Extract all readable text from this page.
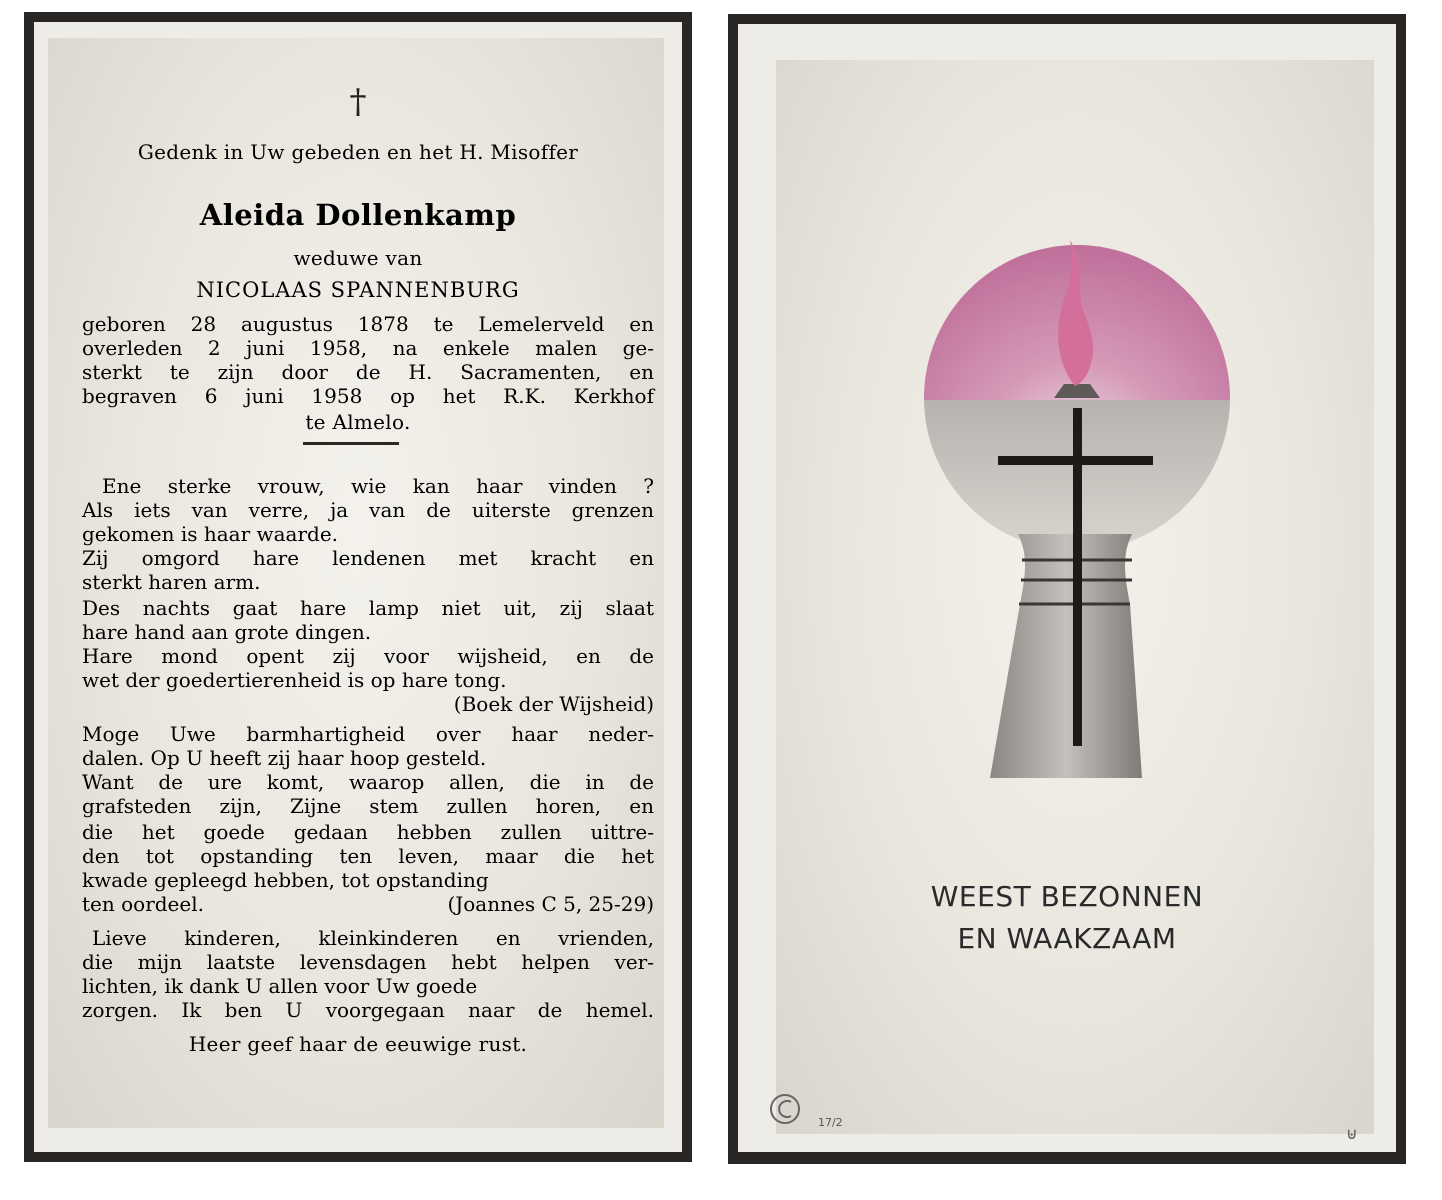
†
Gedenk in Uw gebeden en het H. Misoffer
Aleida Dollenkamp
weduwe van
NICOLAAS SPANNENBURG
geboren 28 augustus 1878 te Lemelerveld en
overleden 2 juni 1958, na enkele malen ge-
sterkt te zijn door de H. Sacramenten, en
begraven 6 juni 1958 op het R.K. Kerkhof
te Almelo.
Ene sterke vrouw, wie kan haar vinden ?
Als iets van verre, ja van de uiterste grenzen
gekomen is haar waarde.
Zij omgord hare lendenen met kracht en
sterkt haren arm.
Des nachts gaat hare lamp niet uit, zij slaat
hare hand aan grote dingen.
Hare mond opent zij voor wijsheid, en de
wet der goedertierenheid is op hare tong.
(Boek der Wijsheid)
Moge Uwe barmhartigheid over haar neder-
dalen. Op U heeft zij haar hoop gesteld.
Want de ure komt, waarop allen, die in de
grafsteden zijn, Zijne stem zullen horen, en
die het goede gedaan hebben zullen uittre-
den tot opstanding ten leven, maar die het
kwade gepleegd hebben, tot opstanding
ten oordeel.	(Joannes C 5, 25-29)
Lieve kinderen, kleinkinderen en vrienden,
die mijn laatste levensdagen hebt helpen ver-
lichten, ik dank U allen voor Uw goede
zorgen. Ik ben U voorgegaan naar de hemel.
Heer geef haar de eeuwige rust.
⊎
WEEST BEZONNEN
EN WAAKZAAM
17/2
